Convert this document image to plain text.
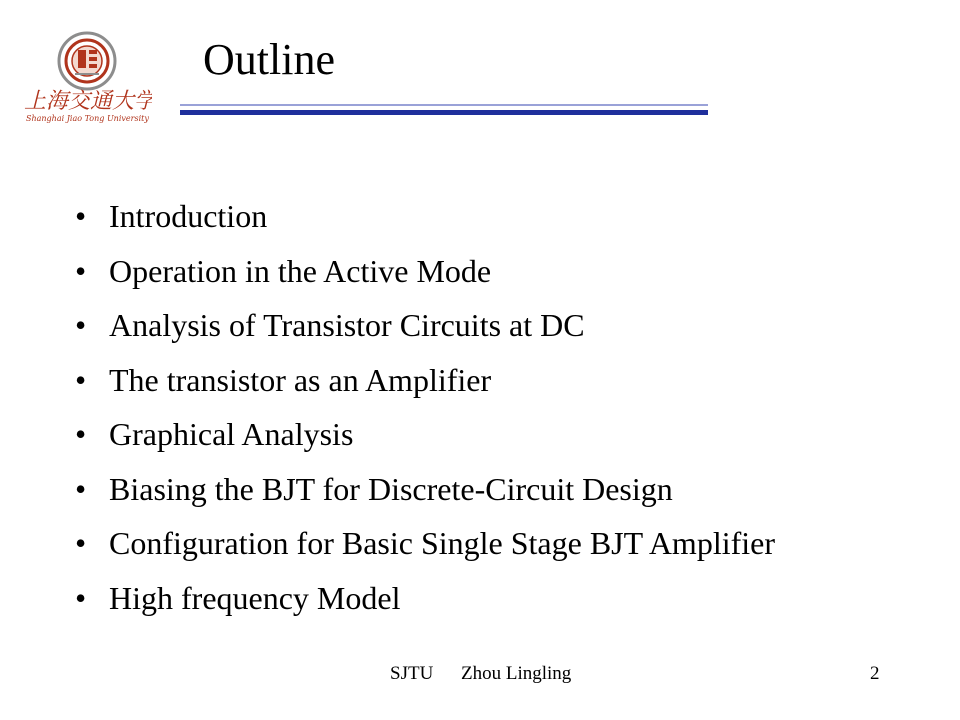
上海交通大学
Shanghai Jiao Tong University
Outline
• Introduction
• Operation in the Active Mode
• Analysis of Transistor Circuits at DC
• The transistor as an Amplifier
• Graphical Analysis
• Biasing the BJT for Discrete-Circuit Design
• Configuration for Basic Single Stage BJT Amplifier
• High frequency Model
SJTU Zhou Lingling	2
